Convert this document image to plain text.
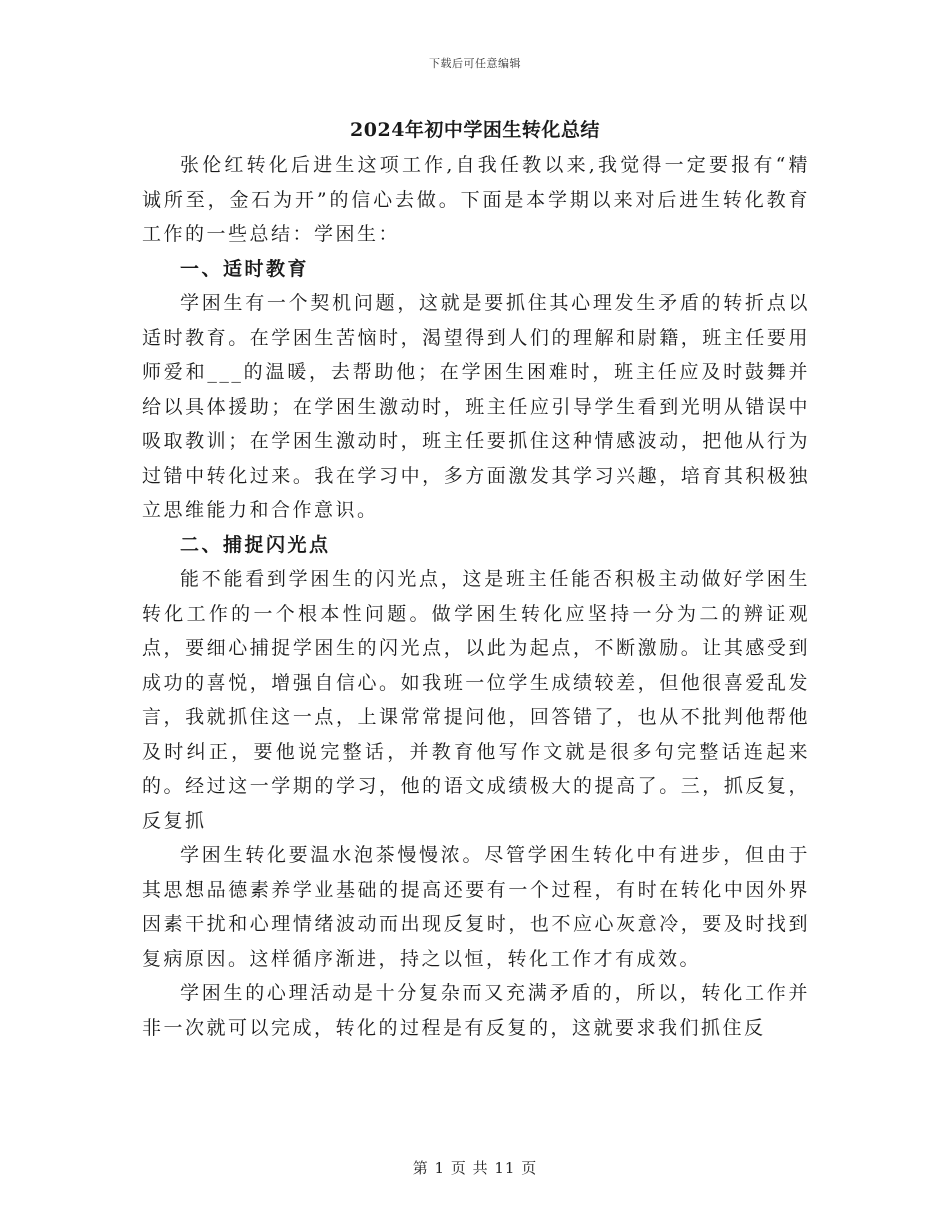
下载后可任意编辑
2024年初中学困生转化总结

张伦红转化后进生这项工作,自我任教以来,我觉得一定要报有“精诚所至，金石为开”的信心去做。下面是本学期以来对后进生转化教育工作的一些总结：学困生：

一、适时教育

学困生有一个契机问题，这就是要抓住其心理发生矛盾的转折点以适时教育。在学困生苦恼时，渴望得到人们的理解和尉籍，班主任要用师爱和___的温暖，去帮助他；在学困生困难时，班主任应及时鼓舞并给以具体援助；在学困生激动时，班主任应引导学生看到光明从错误中吸取教训；在学困生激动时，班主任要抓住这种情感波动，把他从行为过错中转化过来。我在学习中，多方面激发其学习兴趣，培育其积极独立思维能力和合作意识。

二、捕捉闪光点

能不能看到学困生的闪光点，这是班主任能否积极主动做好学困生转化工作的一个根本性问题。做学困生转化应坚持一分为二的辨证观点，要细心捕捉学困生的闪光点，以此为起点，不断激励。让其感受到成功的喜悦，增强自信心。如我班一位学生成绩较差，但他很喜爱乱发言，我就抓住这一点，上课常常提问他，回答错了，也从不批判他帮他及时纠正，要他说完整话，并教育他写作文就是很多句完整话连起来的。经过这一学期的学习，他的语文成绩极大的提高了。三，抓反复，反复抓

学困生转化要温水泡茶慢慢浓。尽管学困生转化中有进步，但由于其思想品德素养学业基础的提高还要有一个过程，有时在转化中因外界因素干扰和心理情绪波动而出现反复时，也不应心灰意冷，要及时找到复病原因。这样循序渐进，持之以恒，转化工作才有成效。

学困生的心理活动是十分复杂而又充满矛盾的，所以，转化工作并非一次就可以完成，转化的过程是有反复的，这就要求我们抓住反

第 1 页 共 11 页
